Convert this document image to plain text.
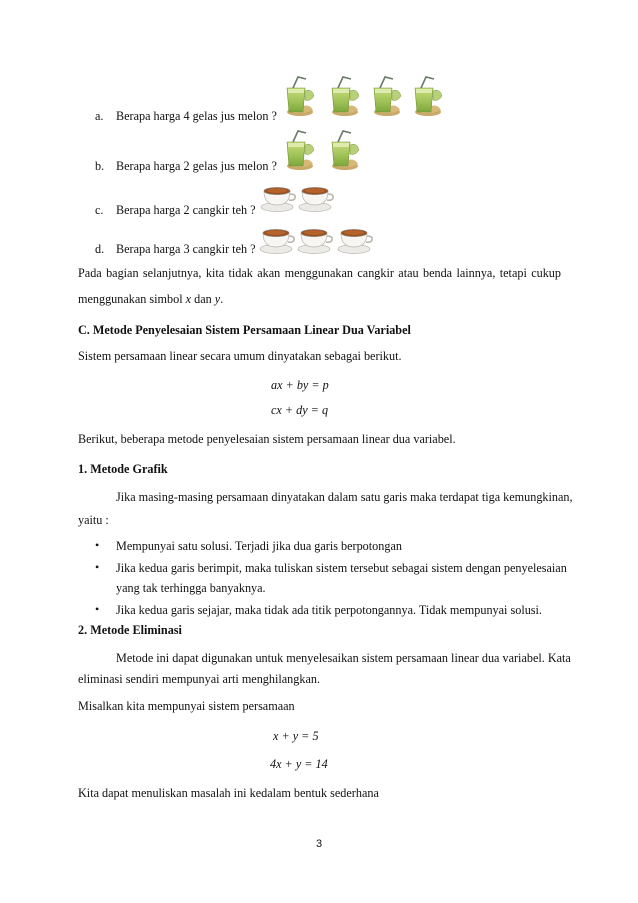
a. Berapa harga 4 gelas jus melon ?
b. Berapa harga 2 gelas jus melon ?
c. Berapa harga 2 cangkir teh ?
d. Berapa harga 3 cangkir teh ?
Pada bagian selanjutnya, kita tidak akan menggunakan cangkir atau benda lainnya, tetapi cukup
menggunakan simbol x dan y.
C. Metode Penyelesaian Sistem Persamaan Linear Dua Variabel
Sistem persamaan linear secara umum dinyatakan sebagai berikut.
ax + by = p
cx + dy = q
Berikut, beberapa metode penyelesaian sistem persamaan linear dua variabel.
1. Metode Grafik
Jika masing-masing persamaan dinyatakan dalam satu garis maka terdapat tiga kemungkinan,
yaitu :
• Mempunyai satu solusi. Terjadi jika dua garis berpotongan
• Jika kedua garis berimpit, maka tuliskan sistem tersebut sebagai sistem dengan penyelesaian
yang tak terhingga banyaknya.
• Jika kedua garis sejajar, maka tidak ada titik perpotongannya. Tidak mempunyai solusi.
2. Metode Eliminasi
Metode ini dapat digunakan untuk menyelesaikan sistem persamaan linear dua variabel. Kata
eliminasi sendiri mempunyai arti menghilangkan.
Misalkan kita mempunyai sistem persamaan
x + y = 5
4x + y = 14
Kita dapat menuliskan masalah ini kedalam bentuk sederhana
3
